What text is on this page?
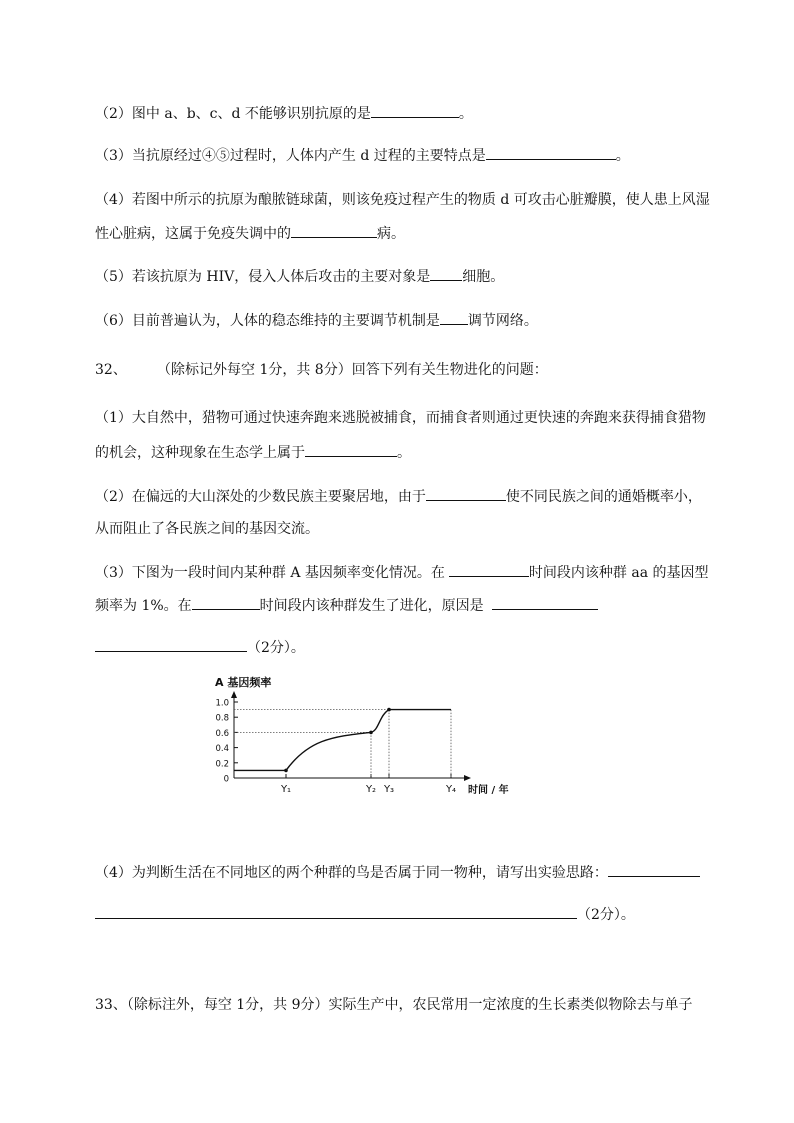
（2）图中 a、b、c、d 不能够识别抗原的是	。
（3）当抗原经过④⑤过程时，人体内产生 d 过程的主要特点是	。
（4）若图中所示的抗原为酿脓链球菌，则该免疫过程产生的物质 d 可攻击心脏瓣膜，使人患上风湿
性心脏病，这属于免疫失调中的	病。
（5）若该抗原为 HIV，侵入人体后攻击的主要对象是 细胞。
（6）目前普遍认为，人体的稳态维持的主要调节机制是 调节网络。
32、 （除标记外每空 1分，共 8分）回答下列有关生物进化的问题：
（1）大自然中，猎物可通过快速奔跑来逃脱被捕食，而捕食者则通过更快速的奔跑来获得捕食猎物
的机会，这种现象在生态学上属于	。
（2）在偏远的大山深处的少数民族主要聚居地，由于	使不同民族之间的通婚概率小，
从而阻止了各民族之间的基因交流。
（3）下图为一段时间内某种群 A 基因频率变化情况。在	时间段内该种群 aa 的基因型
频率为 1%。在	时间段内该种群发生了进化，原因是
（2分）。
A 基因频率
时间 / 年
1.0
0.8
0.6
0.4
0.2
0
Y₁	Y₂ Y₃	Y₄
（4）为判断生活在不同地区的两个种群的鸟是否属于同一物种，请写出实验思路：
（2分）。
33、（除标注外，每空 1分，共 9分）实际生产中，农民常用一定浓度的生长素类似物除去与单子
